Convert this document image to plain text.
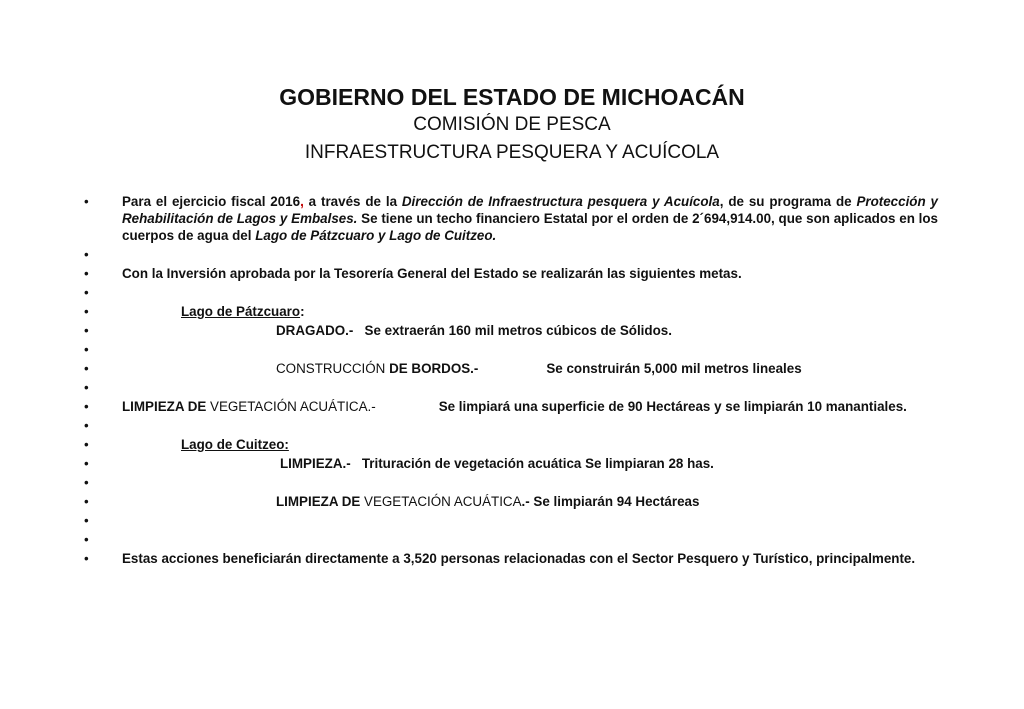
GOBIERNO DEL ESTADO DE MICHOACÁN
COMISIÓN DE PESCA
INFRAESTRUCTURA PESQUERA Y ACUÍCOLA
•	Para el ejercicio fiscal 2016, a través de la Dirección de Infraestructura pesquera y Acuícola, de su programa de Protección y Rehabilitación de Lagos y Embalses. Se tiene un techo financiero Estatal por el orden de 2´694,914.00, que son aplicados en los cuerpos de agua del Lago de Pátzcuaro y Lago de Cuitzeo.
•
•	Con la Inversión aprobada por la Tesorería General del Estado se realizarán las siguientes metas.
•
•	Lago de Pátzcuaro:
•	DRAGADO.- Se extraerán 160 mil metros cúbicos de Sólidos.
•
•	CONSTRUCCIÓN DE BORDOS.-	Se construirán 5,000 mil metros lineales
•
•	LIMPIEZA DE VEGETACIÓN ACUÁTICA.-	Se limpiará una superficie de 90 Hectáreas y se limpiarán 10 manantiales.
•
•	Lago de Cuitzeo:
•	LIMPIEZA.- Trituración de vegetación acuática Se limpiaran 28 has.
•
•	LIMPIEZA DE VEGETACIÓN ACUÁTICA.- Se limpiarán 94 Hectáreas
•
•
•	Estas acciones beneficiarán directamente a 3,520 personas relacionadas con el Sector Pesquero y Turístico, principalmente.
